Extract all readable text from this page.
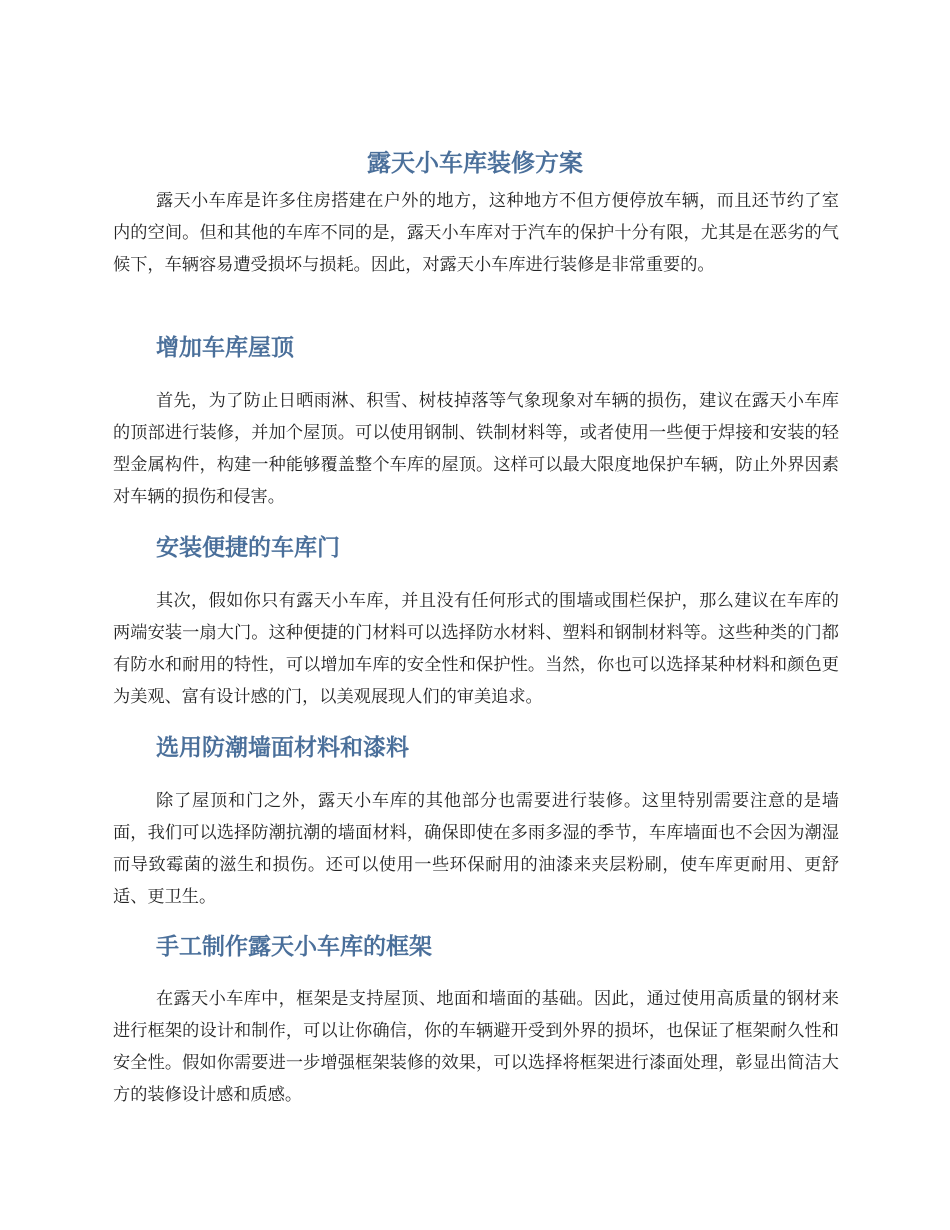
露天小车库装修方案

露天小车库是许多住房搭建在户外的地方，这种地方不但方便停放车辆，而且还节约了室内的空间。但和其他的车库不同的是，露天小车库对于汽车的保护十分有限，尤其是在恶劣的气候下，车辆容易遭受损坏与损耗。因此，对露天小车库进行装修是非常重要的。

增加车库屋顶

首先，为了防止日晒雨淋、积雪、树枝掉落等气象现象对车辆的损伤，建议在露天小车库的顶部进行装修，并加个屋顶。可以使用钢制、铁制材料等，或者使用一些便于焊接和安装的轻型金属构件，构建一种能够覆盖整个车库的屋顶。这样可以最大限度地保护车辆，防止外界因素对车辆的损伤和侵害。

安装便捷的车库门

其次，假如你只有露天小车库，并且没有任何形式的围墙或围栏保护，那么建议在车库的两端安装一扇大门。这种便捷的门材料可以选择防水材料、塑料和钢制材料等。这些种类的门都有防水和耐用的特性，可以增加车库的安全性和保护性。当然，你也可以选择某种材料和颜色更为美观、富有设计感的门，以美观展现人们的审美追求。

选用防潮墙面材料和漆料

除了屋顶和门之外，露天小车库的其他部分也需要进行装修。这里特别需要注意的是墙面，我们可以选择防潮抗潮的墙面材料，确保即使在多雨多湿的季节，车库墙面也不会因为潮湿而导致霉菌的滋生和损伤。还可以使用一些环保耐用的油漆来夹层粉刷，使车库更耐用、更舒适、更卫生。

手工制作露天小车库的框架

在露天小车库中，框架是支持屋顶、地面和墙面的基础。因此，通过使用高质量的钢材来进行框架的设计和制作，可以让你确信，你的车辆避开受到外界的损坏，也保证了框架耐久性和安全性。假如你需要进一步增强框架装修的效果，可以选择将框架进行漆面处理，彰显出简洁大方的装修设计感和质感。
